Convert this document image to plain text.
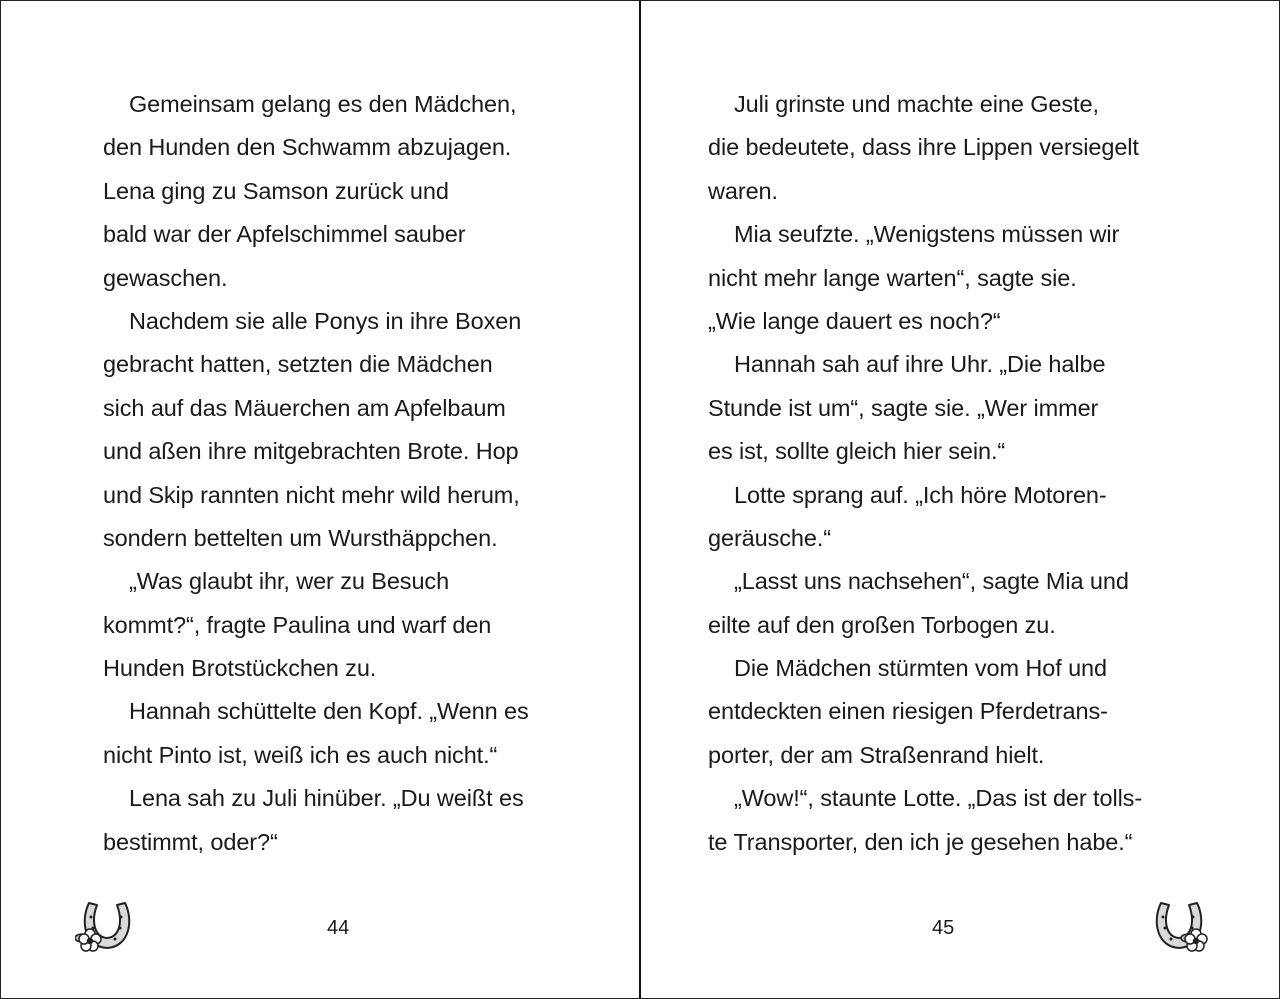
Gemeinsam gelang es den Mädchen,
den Hunden den Schwamm abzujagen.
Lena ging zu Samson zurück und
bald war der Apfelschimmel sauber
gewaschen.
Nachdem sie alle Ponys in ihre Boxen
gebracht hatten, setzten die Mädchen
sich auf das Mäuerchen am Apfelbaum
und aßen ihre mitgebrachten Brote. Hop
und Skip rannten nicht mehr wild herum,
sondern bettelten um Wursthäppchen.
„Was glaubt ihr, wer zu Besuch
kommt?“, fragte Paulina und warf den
Hunden Brotstückchen zu.
Hannah schüttelte den Kopf. „Wenn es
nicht Pinto ist, weiß ich es auch nicht.“
Lena sah zu Juli hinüber. „Du weißt es
bestimmt, oder?“
44
Juli grinste und machte eine Geste,
die bedeutete, dass ihre Lippen versiegelt
waren.
Mia seufzte. „Wenigstens müssen wir
nicht mehr lange warten“, sagte sie.
„Wie lange dauert es noch?“
Hannah sah auf ihre Uhr. „Die halbe
Stunde ist um“, sagte sie. „Wer immer
es ist, sollte gleich hier sein.“
Lotte sprang auf. „Ich höre Motoren-
geräusche.“
„Lasst uns nachsehen“, sagte Mia und
eilte auf den großen Torbogen zu.
Die Mädchen stürmten vom Hof und
entdeckten einen riesigen Pferdetrans-
porter, der am Straßenrand hielt.
„Wow!“, staunte Lotte. „Das ist der tolls-
te Transporter, den ich je gesehen habe.“
45
